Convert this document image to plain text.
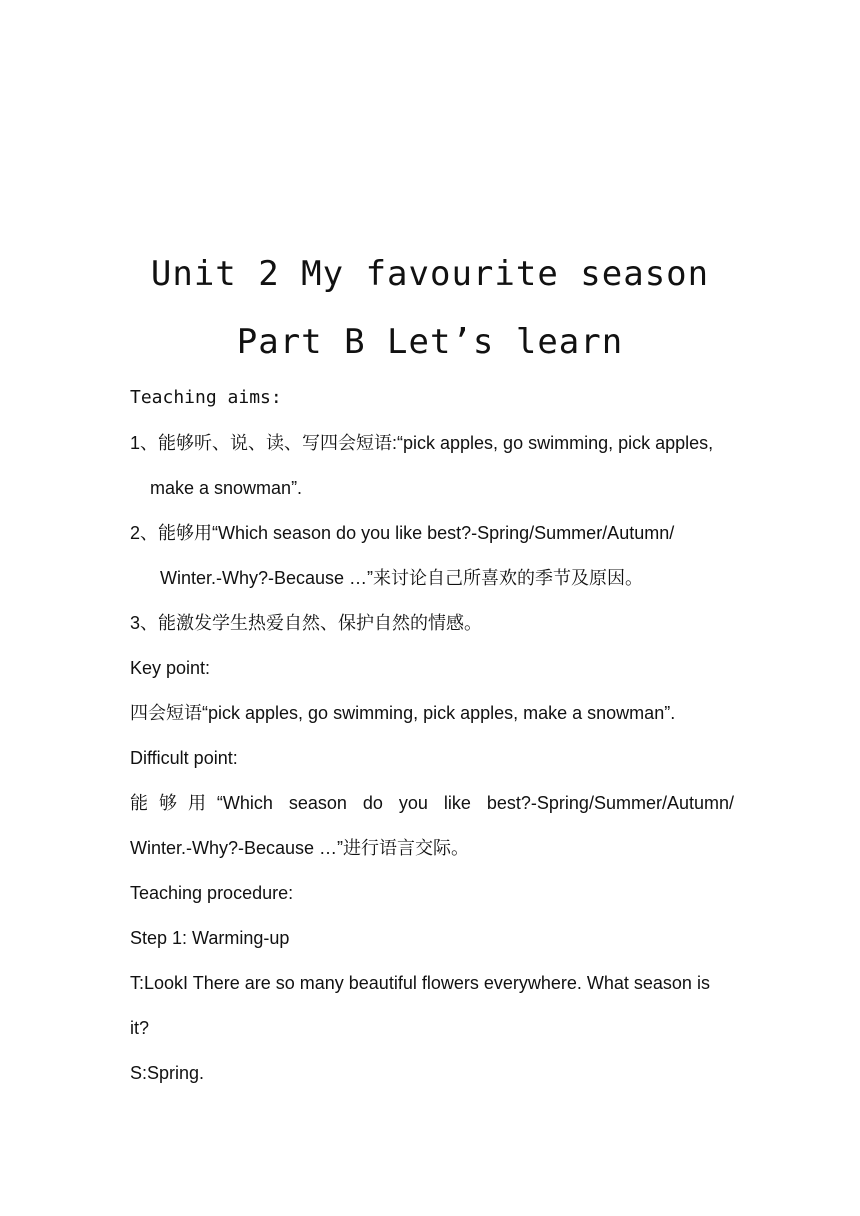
Unit 2 My favourite season
Part B Let’s learn
Teaching aims:
1、能够听、说、读、写四会短语:“pick apples, go swimming, pick apples,
make a snowman”.
2、能够用“Which season do you like best?-Spring/Summer/Autumn/
Winter.-Why?-Because …”来讨论自己所喜欢的季节及原因。
3、能激发学生热爱自然、保护自然的情感。
Key point:
四会短语“pick apples, go swimming, pick apples, make a snowman”.
Difficult point:
能够用“Which season do you like best?-Spring/Summer/Autumn/
Winter.-Why?-Because …”进行语言交际。
Teaching procedure:
Step 1: Warming-up
T:LookI There are so many beautiful flowers everywhere. What season is
it?
S:Spring.
